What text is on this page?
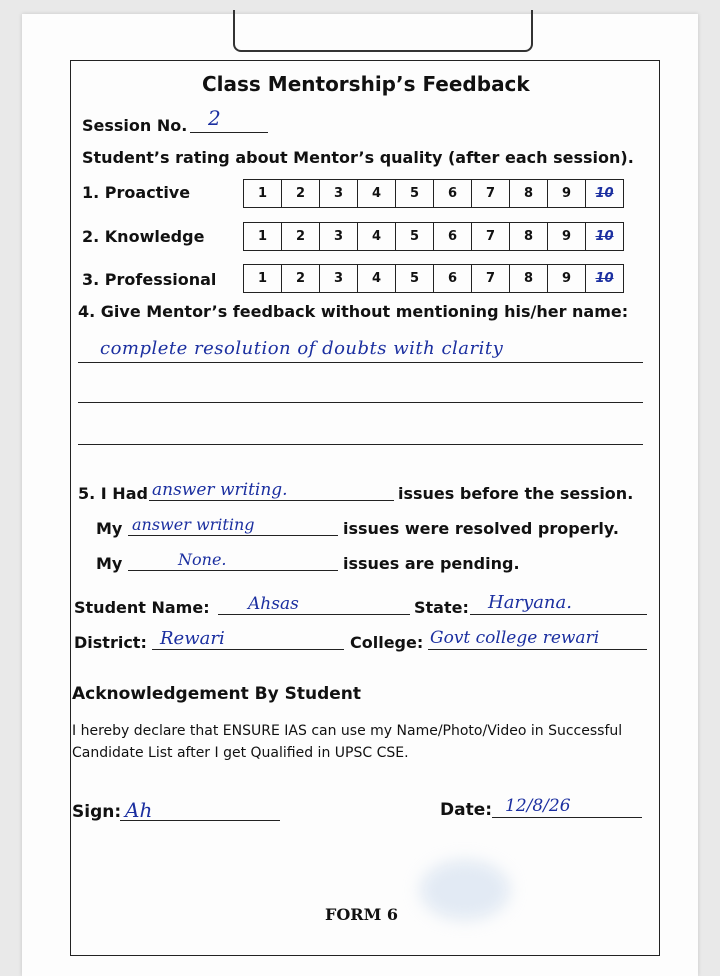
Class Mentorship’s Feedback
Session No. 2
Student’s rating about Mentor’s quality (after each session).
1. Proactive	1	2	3	4	5	6	7	8	9	10
2. Knowledge	1	2	3	4	5	6	7	8	9	10
3. Professional	1	2	3	4	5	6	7	8	9	10
4. Give Mentor’s feedback without mentioning his/her name:
complete resolution of doubts with clarity
5. I Had answer writing.	issues before the session.
My answer writing	issues were resolved properly.
My	None.	issues are pending.
Student Name: Ahsas	State: Haryana.
District: Rewari	College: Govt college rewari
Acknowledgement By Student
I hereby declare that ENSURE IAS can use my Name/Photo/Video in Successful Candidate List after I get Qualified in UPSC CSE.
Sign: Ah	Date: 12/8/26
FORM 6
